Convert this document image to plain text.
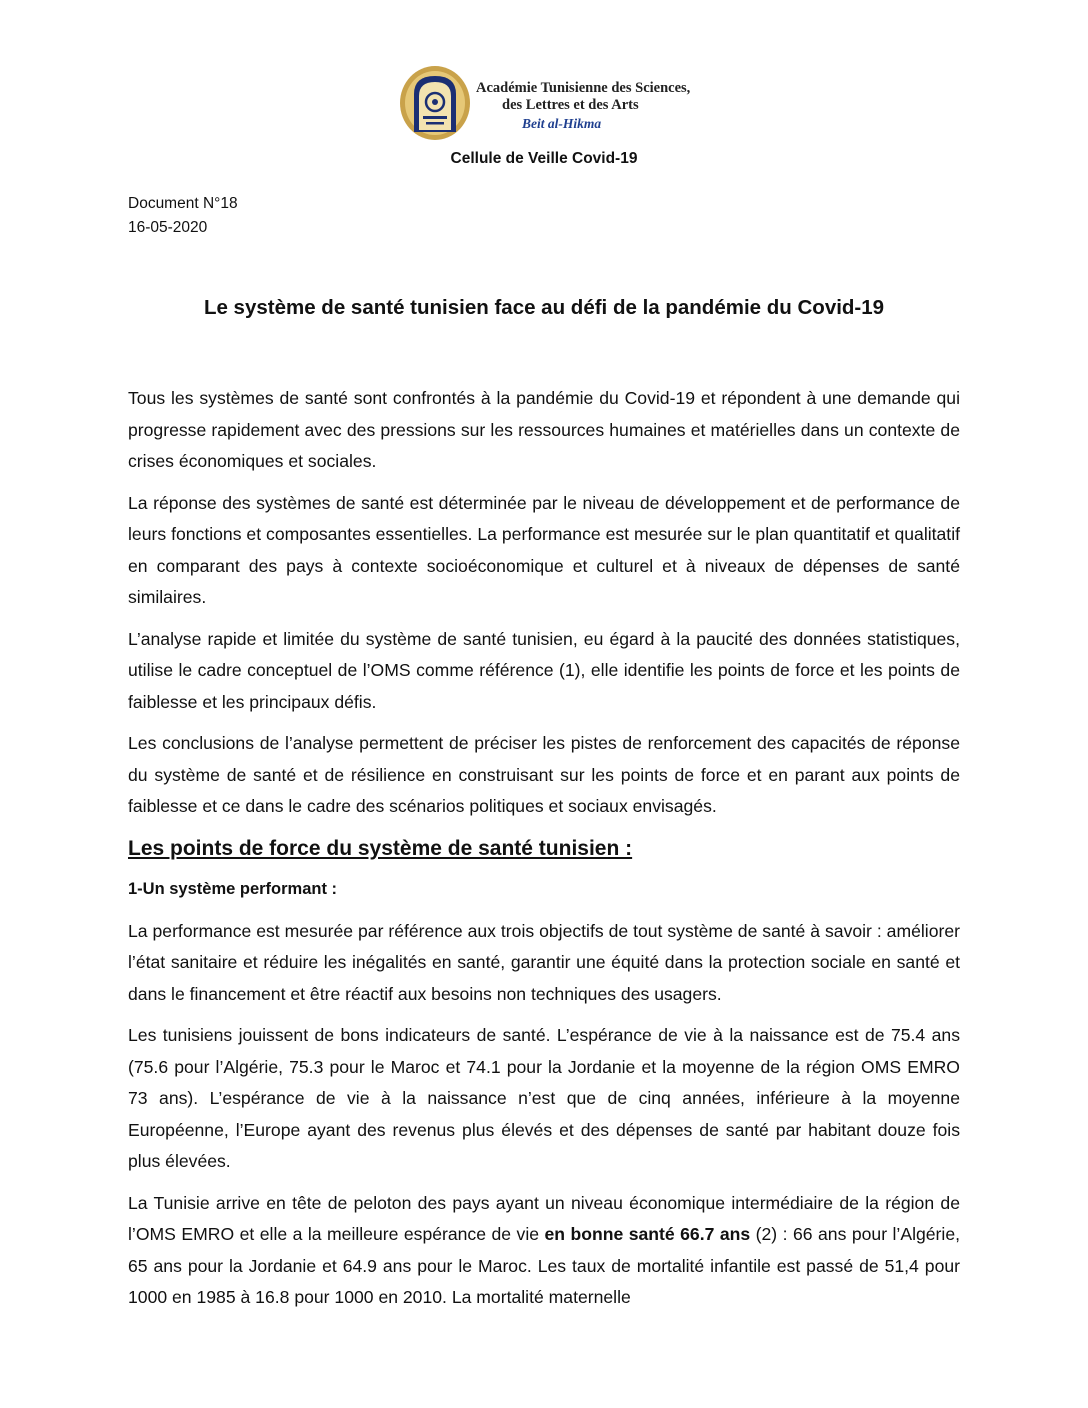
Académie Tunisienne des Sciences,
des Lettres et des Arts
Beit al-Hikma
Cellule de Veille Covid-19
Document N°18
16-05-2020
Le système de santé tunisien face au défi de la pandémie du Covid-19

Tous les systèmes de santé sont confrontés à la pandémie du Covid-19 et répondent à une demande qui progresse rapidement avec des pressions sur les ressources humaines et matérielles dans un contexte de crises économiques et sociales.

La réponse des systèmes de santé est déterminée par le niveau de développement et de performance de leurs fonctions et composantes essentielles. La performance est mesurée sur le plan quantitatif et qualitatif en comparant des pays à contexte socioéconomique et culturel et à niveaux de dépenses de santé similaires.

L’analyse rapide et limitée du système de santé tunisien, eu égard à la paucité des données statistiques, utilise le cadre conceptuel de l’OMS comme référence (1), elle identifie les points de force et les points de faiblesse et les principaux défis.

Les conclusions de l’analyse permettent de préciser les pistes de renforcement des capacités de réponse du système de santé et de résilience en construisant sur les points de force et en parant aux points de faiblesse et ce dans le cadre des scénarios politiques et sociaux envisagés.

Les points de force du système de santé tunisien :
1-Un système performant :

La performance est mesurée par référence aux trois objectifs de tout système de santé à savoir : améliorer l’état sanitaire et réduire les inégalités en santé, garantir une équité dans la protection sociale en santé et dans le financement et être réactif aux besoins non techniques des usagers.

Les tunisiens jouissent de bons indicateurs de santé. L’espérance de vie à la naissance est de 75.4 ans (75.6 pour l’Algérie, 75.3 pour le Maroc et 74.1 pour la Jordanie et la moyenne de la région OMS EMRO 73 ans). L’espérance de vie à la naissance n’est que de cinq années, inférieure à la moyenne Européenne, l’Europe ayant des revenus plus élevés et des dépenses de santé par habitant douze fois plus élevées.

La Tunisie arrive en tête de peloton des pays ayant un niveau économique intermédiaire de la région de l’OMS EMRO et elle a la meilleure espérance de vie en bonne santé 66.7 ans (2) : 66 ans pour l’Algérie, 65 ans pour la Jordanie et 64.9 ans pour le Maroc. Les taux de mortalité infantile est passé de 51,4 pour 1000 en 1985 à 16.8 pour 1000 en 2010. La mortalité maternelle
